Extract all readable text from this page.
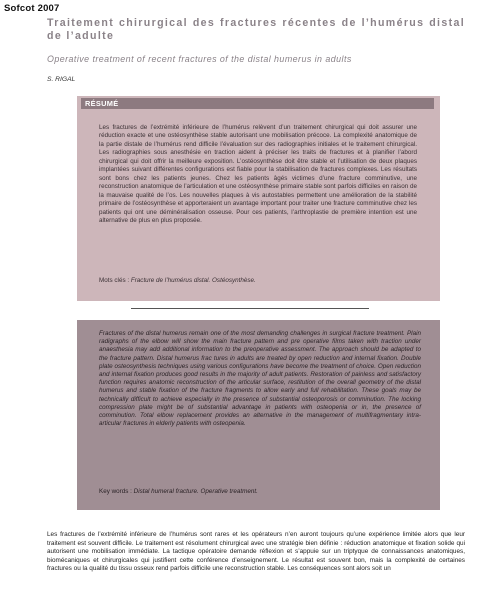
Sofcot 2007
Traitement chirurgical des fractures récentes de l’humérus distal de l’adulte
Operative treatment of recent fractures of the distal humerus in adults
S. RIGAL
RÉSUMÉ
Les fractures de l’extrémité inférieure de l’humérus relèvent d’un traitement chirurgical qui doit assurer une réduction exacte et une ostéosynthèse stable autorisant une mobilisation précoce. La complexité anatomique de la partie distale de l’humérus rend difficile l’évaluation sur des radiographies initiales et le traitement chirurgical. Les radiographies sous anesthésie en traction aident à préciser les traits de fractures et à planifier l’abord chirurgical qui doit offrir la meilleure exposition. L’ostéosynthèse doit être stable et l’utilisation de deux plaques implantées suivant différentes configurations est fiable pour la stabilisation de fractures complexes. Les résultats sont bons chez les patients jeunes. Chez les patients âgés victimes d’une fracture comminutive, une reconstruction anatomique de l’articulation et une ostéosynthèse primaire stable sont parfois difficiles en raison de la mauvaise qualité de l’os. Les nouvelles plaques à vis autostables permettent une amélioration de la stabilité primaire de l’ostéosynthèse et apporteraient un avantage important pour traiter une fracture comminutive chez les patients qui ont une déminéralisation osseuse. Pour ces patients, l’arthroplastie de première intention est une alternative de plus en plus proposée.
Mots clés : Fracture de l’humérus distal. Ostéosynthèse.
Fractures of the distal humerus remain one of the most demanding challenges in surgical fracture treatment. Plain radigraphs of the elbow will show the main fracture pattern and pre operative films taken with traction under anaesthesia may add additional information to the preoperative assessment. The approach should be adapted to the fracture pattern. Distal humerus frac tures in adults are treated by open reduction and internal fixation. Double plate osteosynthesis techniques using various configurations have become the treatment of choice. Open reduction and internal fixation produces good results in the majority of adult patients. Restoration of painless and satisfactory function requires anatomic reconstruction of the articular surface, restitution of the overall geometry of the distal humerus and stable fixation of the fracture fragments to allow early and full rehabilitation. These goals may be technically difficult to achieve especially in the presence of substantial osteoporosis or comminution. The locking compression plate might be of substantial advantage in patients with osteopenia or in, the presence of comminution. Total elbow replacement provides an alternative in the management of multifragmentary intra-articular fractures in elderly patients with osteopenia.
Key words : Distal humeral fracture. Operative treatment.
Les fractures de l’extrémité inférieure de l’humérus sont rares et les opérateurs n’en auront toujours qu’une expérience limitée alors que leur traitement est souvent difficile. Le traitement est résolument chirurgical avec une stratégie bien définie : réduction anatomique et fixation solide qui autorisent une mobilisation immédiate. La tactique opératoire demande réflexion et s’appuie sur un triptyque de connaissances anatomiques, biomécaniques et chirurgicales qui justifient cette conférence d’enseignement. Le résultat est souvent bon, mais la complexité de certaines fractures ou la qualité du tissu osseux rend parfois difficile une reconstruction stable. Les conséquences sont alors soit un
